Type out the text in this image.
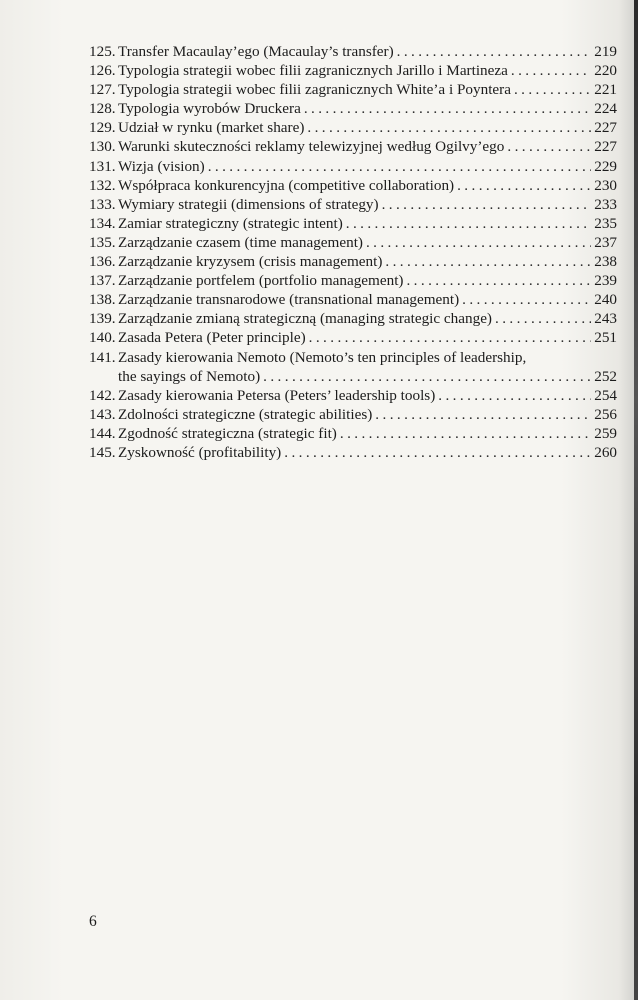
125. Transfer Macaulay’ego (Macaulay’s transfer) .....	219
126. Typologia strategii wobec filii zagranicznych Jarillo i Martineza .....	220
127. Typologia strategii wobec filii zagranicznych White’a i Poyntera .....	221
128. Typologia wyrobów Druckera .....	224
129. Udział w rynku (market share) .....	227
130. Warunki skuteczności reklamy telewizyjnej według Ogilvy’ego .....	227
131. Wizja (vision) .....	229
132. Współpraca konkurencyjna (competitive collaboration) .....	230
133. Wymiary strategii (dimensions of strategy) .....	233
134. Zamiar strategiczny (strategic intent) .....	235
135. Zarządzanie czasem (time management) .....	237
136. Zarządzanie kryzysem (crisis management) .....	238
137. Zarządzanie portfelem (portfolio management) .....	239
138. Zarządzanie transnarodowe (transnational management) .....	240
139. Zarządzanie zmianą strategiczną (managing strategic change) .....	243
140. Zasada Petera (Peter principle) .....	251
141. Zasady kierowania Nemoto (Nemoto’s ten principles of leadership,
the sayings of Nemoto) .....	252
142. Zasady kierowania Petersa (Peters’ leadership tools) .....	254
143. Zdolności strategiczne (strategic abilities) .....	256
144. Zgodność strategiczna (strategic fit) .....	259
145. Zyskowność (profitability) .....	260
6
